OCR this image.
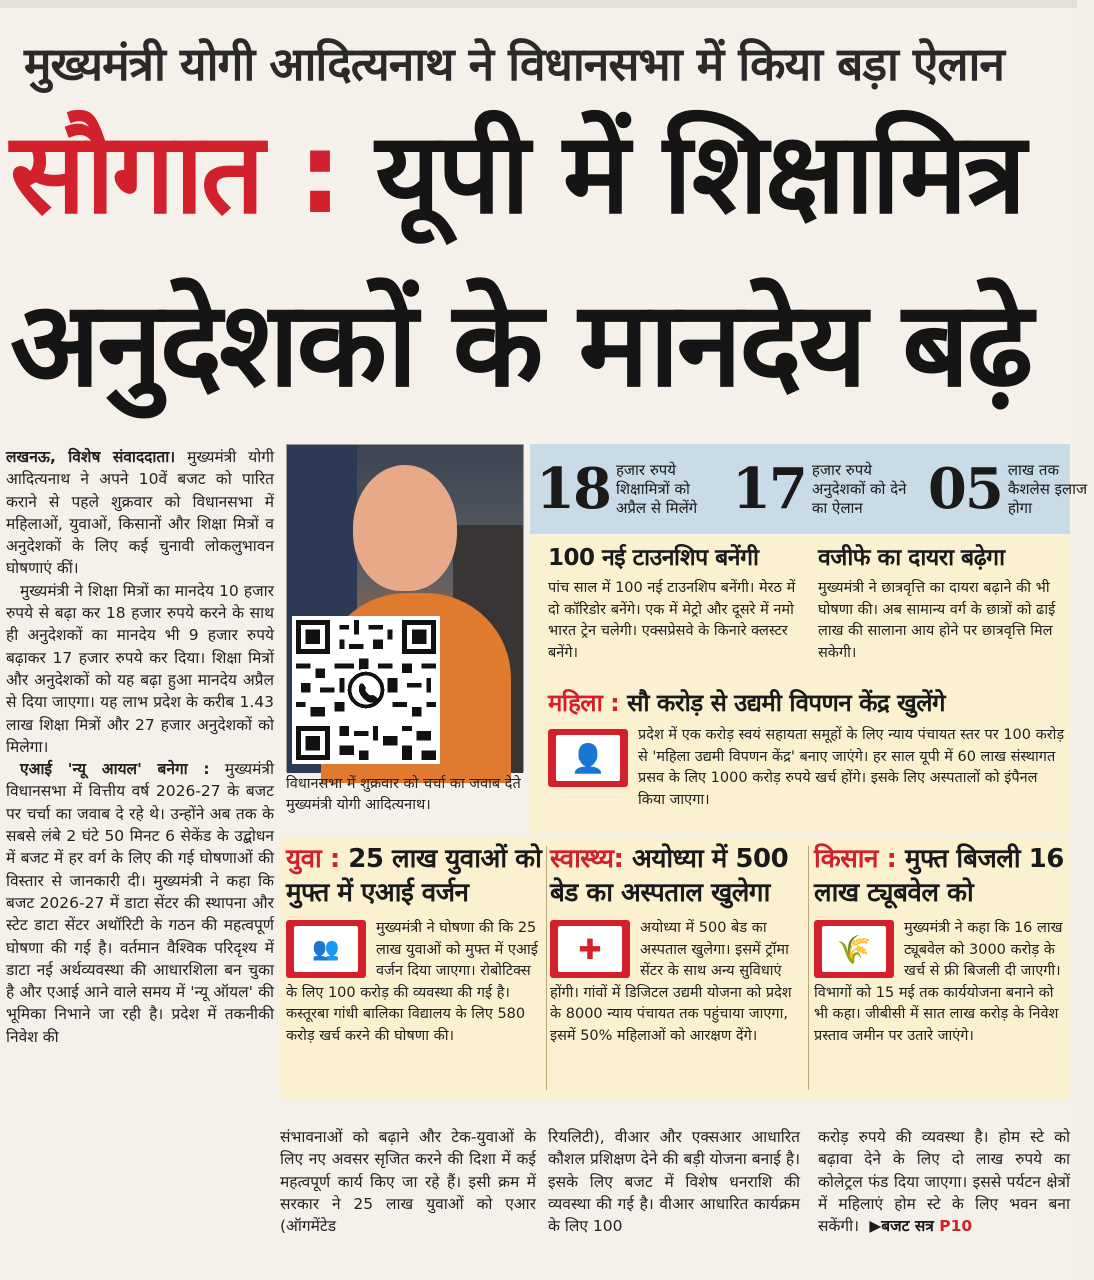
मुख्यमंत्री योगी आदित्यनाथ ने विधानसभा में किया बड़ा ऐलान
सौगात : यूपी में शिक्षामित्र
अनुदेशकों के मानदेय बढ़े

लखनऊ, विशेष संवाददाता। मुख्यमंत्री योगी आदित्यनाथ ने अपने 10वें बजट को पारित कराने से पहले शुक्रवार को विधानसभा में महिलाओं, युवाओं, किसानों और शिक्षा मित्रों व अनुदेशकों के लिए कई चुनावी लोकलुभावन घोषणाएं कीं।

मुख्यमंत्री ने शिक्षा मित्रों का मानदेय 10 हजार रुपये से बढ़ा कर 18 हजार रुपये करने के साथ ही अनुदेशकों का मानदेय भी 9 हजार रुपये बढ़ाकर 17 हजार रुपये कर दिया। शिक्षा मित्रों और अनुदेशकों को यह बढ़ा हुआ मानदेय अप्रैल से दिया जाएगा। यह लाभ प्रदेश के करीब 1.43 लाख शिक्षा मित्रों और 27 हजार अनुदेशकों को मिलेगा।

एआई 'न्यू आयल' बनेगा : मुख्यमंत्री विधानसभा में वित्तीय वर्ष 2026-27 के बजट पर चर्चा का जवाब दे रहे थे। उन्होंने अब तक के सबसे लंबे 2 घंटे 50 मिनट 6 सेकेंड के उद्बोधन में बजट में हर वर्ग के लिए की गई घोषणाओं की विस्तार से जानकारी दी। मुख्यमंत्री ने कहा कि बजट 2026-27 में डाटा सेंटर की स्थापना और स्टेट डाटा सेंटर अथॉरिटी के गठन की महत्वपूर्ण घोषणा की गई है। वर्तमान वैश्विक परिदृश्य में डाटा नई अर्थव्यवस्था की आधारशिला बन चुका है और एआई आने वाले समय में 'न्यू ऑयल' की भूमिका निभाने जा रही है। प्रदेश में तकनीकी निवेश की

विधानसभा में शुक्रवार को चर्चा का जवाब देते मुख्यमंत्री योगी आदित्यनाथ।
18 हजार रुपये शिक्षामित्रों को अप्रैल से मिलेंगे 17 हजार रुपये अनुदेशकों को देने का ऐलान	05 लाख तक कैशलेस इलाज होगा
100 नई टाउनशिप बनेंगी
पांच साल में 100 नई टाउनशिप बनेंगी। मेरठ में दो कॉरिडोर बनेंगे। एक में मेट्रो और दूसरे में नमो भारत ट्रेन चलेगी। एक्सप्रेसवे के किनारे क्लस्टर बनेंगे।
वजीफे का दायरा बढ़ेगा
मुख्यमंत्री ने छात्रवृत्ति का दायरा बढ़ाने की भी घोषणा की। अब सामान्य वर्ग के छात्रों को ढाई लाख की सालाना आय होने पर छात्रवृत्ति मिल सकेगी।
महिला : सौ करोड़ से उद्यमी विपणन केंद्र खुलेंगे
👤
प्रदेश में एक करोड़ स्वयं सहायता समूहों के लिए न्याय पंचायत स्तर पर 100 करोड़ से 'महिला उद्यमी विपणन केंद्र' बनाए जाएंगे। हर साल यूपी में 60 लाख संस्थागत प्रसव के लिए 1000 करोड़ रुपये खर्च होंगे। इसके लिए अस्पतालों को इंपैनल किया जाएगा।
युवा : 25 लाख युवाओं को मुफ्त में एआई वर्जन
👥
मुख्यमंत्री ने घोषणा की कि 25 लाख युवाओं को मुफ्त में एआई वर्जन दिया जाएगा। रोबोटिक्स के लिए 100 करोड़ की व्यवस्था की गई है। कस्तूरबा गांधी बालिका विद्यालय के लिए 580 करोड़ खर्च करने की घोषणा की।
स्वास्थ्य: अयोध्या में 500 बेड का अस्पताल खुलेगा
✚
अयोध्या में 500 बेड का अस्पताल खुलेगा। इसमें ट्रॉमा सेंटर के साथ अन्य सुविधाएं होंगी। गांवों में डिजिटल उद्यमी योजना को प्रदेश के 8000 न्याय पंचायत तक पहुंचाया जाएगा, इसमें 50% महिलाओं को आरक्षण देंगे।
किसान : मुफ्त बिजली 16 लाख ट्यूबवेल को
🌾
मुख्यमंत्री ने कहा कि 16 लाख ट्यूबवेल को 3000 करोड़ के खर्च से फ्री बिजली दी जाएगी। विभागों को 15 मई तक कार्ययोजना बनाने को भी कहा। जीबीसी में सात लाख करोड़ के निवेश प्रस्ताव जमीन पर उतारे जाएंगे।
संभावनाओं को बढ़ाने और टेक-युवाओं के लिए नए अवसर सृजित करने की दिशा में कई महत्वपूर्ण कार्य किए जा रहे हैं। इसी क्रम में सरकार ने 25 लाख युवाओं को एआर (ऑगमेंटेड
रियलिटी), वीआर और एक्सआर आधारित कौशल प्रशिक्षण देने की बड़ी योजना बनाई है। इसके लिए बजट में विशेष धनराशि की व्यवस्था की गई है। वीआर आधारित कार्यक्रम के लिए 100
करोड़ रुपये की व्यवस्था है। होम स्टे को बढ़ावा देने के लिए दो लाख रुपये का कोलेट्रल फंड दिया जाएगा। इससे पर्यटन क्षेत्रों में महिलाएं होम स्टे के लिए भवन बना सकेंगी। ▶बजट सत्र P10
